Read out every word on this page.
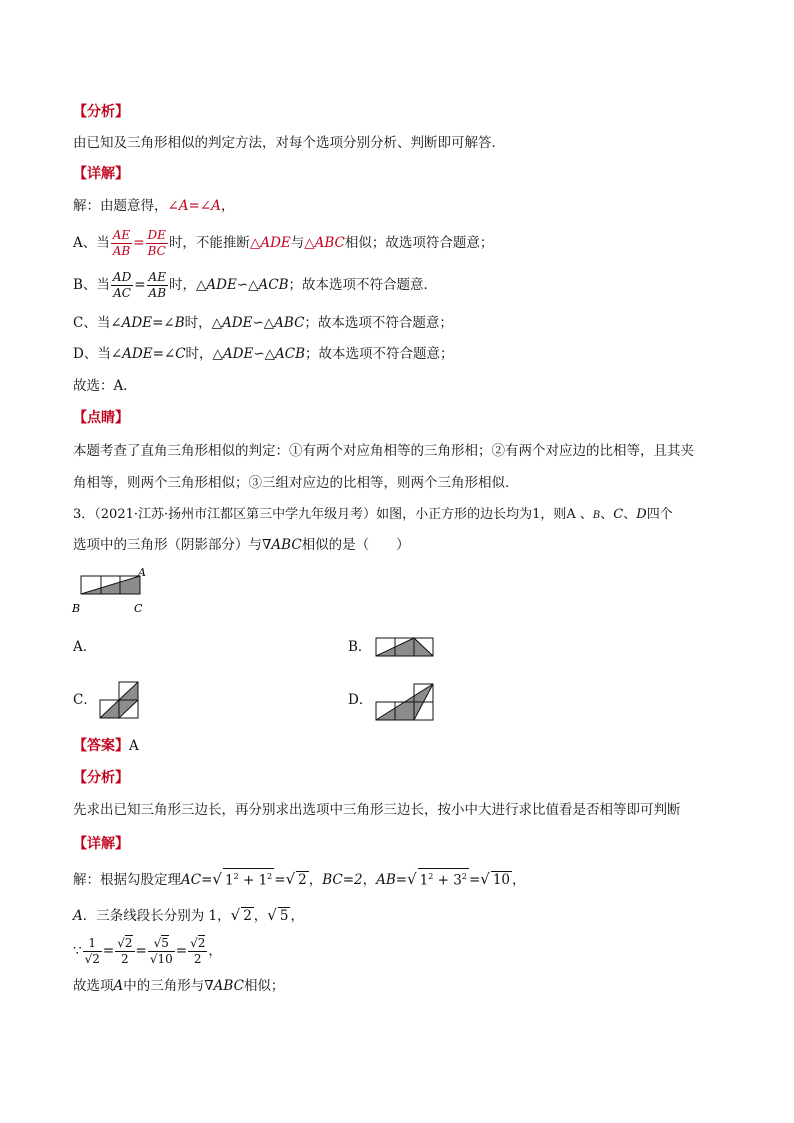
【分析】
由已知及三角形相似的判定方法，对每个选项分别分析、判断即可解答．
【详解】
解：由题意得，∠A=∠A，
A、当 $\frac{AE}{AB} = \frac{DE}{BC}$ 时，不能推断△ADE与△ABC相似；故选项符合题意；
B、当 $\frac{AD}{AC} = \frac{AE}{AB}$ 时，△ADE∽△ACB；故本选项不符合题意．
C、当∠ADE=∠B时，△ADE∽△ABC；故本选项不符合题意；
D、当∠ADE=∠C时，△ADE∽△ACB；故本选项不符合题意；
故选：A．
【点睛】
本题考查了直角三角形相似的判定：①有两个对应角相等的三角形相；②有两个对应边的比相等，且其夹
角相等，则两个三角形相似；③三组对应边的比相等，则两个三角形相似．
3．（2021·江苏·扬州市江都区第三中学九年级月考）如图，小正方形的边长均为1，则A 、B、C、D四个
选项中的三角形（阴影部分）与∇ABC相似的是（　　）
A
B	C
A．	B．
C．	D．
【答案】A
【分析】
先求出已知三角形三边长，再分别求出选项中三角形三边长，按小中大进行求比值看是否相等即可判断
【详解】
解：根据勾股定理AC=√ $1^2 + 1^2$ =√ 2 ，BC=2，AB=√ $1^2 + 3^2$ =√ 10 ，
A．三条线段长分别为 1，√ 2 ，√ 5 ，
∵ $\frac{1}{√2} = \frac{√2}{2} = \frac{√5}{√10} = \frac{√2}{2}$ ，
故选项A中的三角形与∇ABC相似；
